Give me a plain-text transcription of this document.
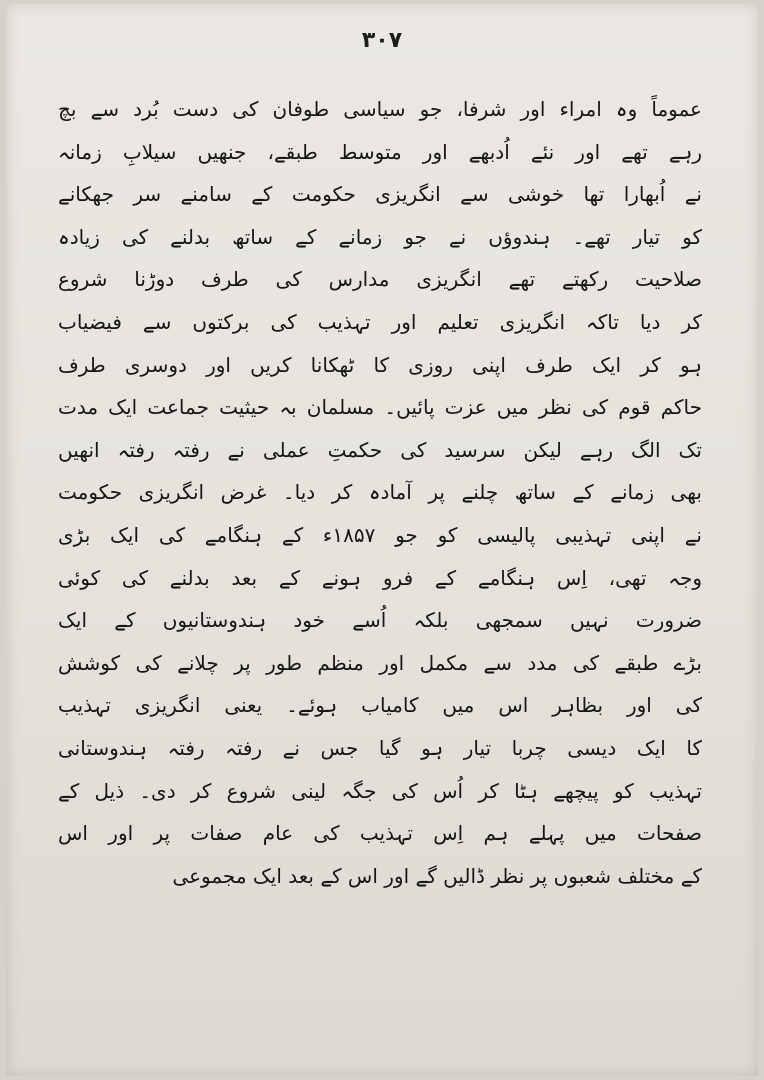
۳۰۷
عموماً وہ امراء اور شرفا، جو سیاسی طوفان کی دست بُرد سے بچ
رہے تھے اور نئے اُدبھے اور متوسط طبقے، جنھیں سیلابِ زمانہ
نے اُبھارا تھا خوشی سے انگریزی حکومت کے سامنے سر جھکانے
کو تیار تھے۔ ہندوؤں نے جو زمانے کے ساتھ بدلنے کی زیادہ
صلاحیت رکھتے تھے انگریزی مدارس کی طرف دوڑنا شروع
کر دیا تاکہ انگریزی تعلیم اور تہذیب کی برکتوں سے فیضیاب
ہو کر ایک طرف اپنی روزی کا ٹھکانا کریں اور دوسری طرف
حاکم قوم کی نظر میں عزت پائیں۔ مسلمان بہ حیثیت جماعت ایک مدت
تک الگ رہے لیکن سرسید کی حکمتِ عملی نے رفتہ رفتہ انھیں
بھی زمانے کے ساتھ چلنے پر آمادہ کر دیا۔ غرض انگریزی حکومت
نے اپنی تہذیبی پالیسی کو جو ۱۸۵۷ء کے ہنگامے کی ایک بڑی
وجہ تھی، اِس ہنگامے کے فرو ہونے کے بعد بدلنے کی کوئی
ضرورت نہیں سمجھی بلکہ اُسے خود ہندوستانیوں کے ایک
بڑے طبقے کی مدد سے مکمل اور منظم طور پر چلانے کی کوشش
کی اور بظاہر اس میں کامیاب ہوئے۔ یعنی انگریزی تہذیب
کا ایک دیسی چربا تیار ہو گیا جس نے رفتہ رفتہ ہندوستانی
تہذیب کو پیچھے ہٹا کر اُس کی جگہ لینی شروع کر دی۔ ذیل کے
صفحات میں پہلے ہم اِس تہذیب کی عام صفات پر اور اس
کے مختلف شعبوں پر نظر ڈالیں گے اور اس کے بعد ایک مجموعی
